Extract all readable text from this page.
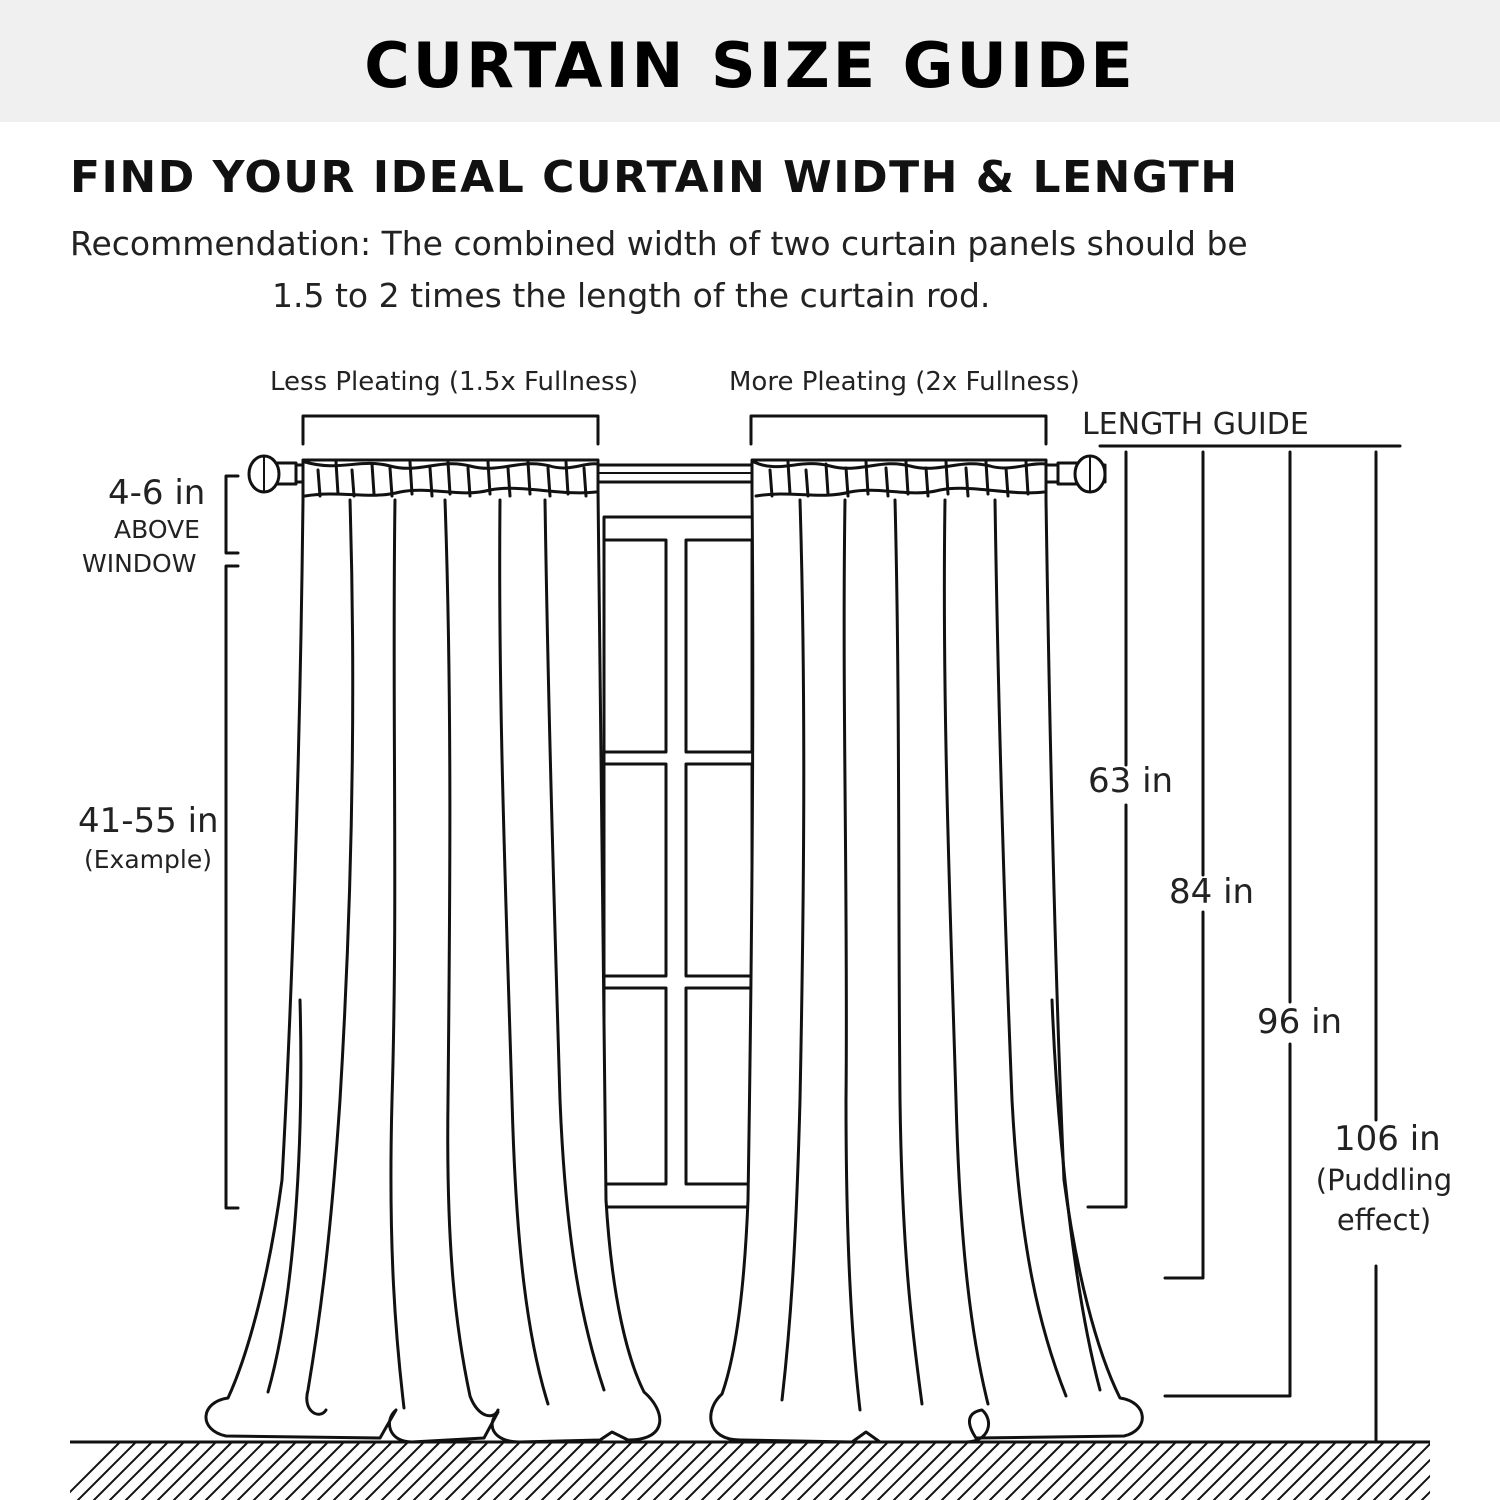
CURTAIN SIZE GUIDE
FIND YOUR IDEAL CURTAIN WIDTH & LENGTH
Recommendation: The combined width of two curtain panels should be
1.5 to 2 times the length of the curtain rod.
Less Pleating (1.5x Fullness)	More Pleating (2x Fullness)
LENGTH GUIDE
4-6 in
ABOVE
WINDOW
41-55 in
(Example)
63 in
84 in
96 in
106 in
(Puddling
effect)
